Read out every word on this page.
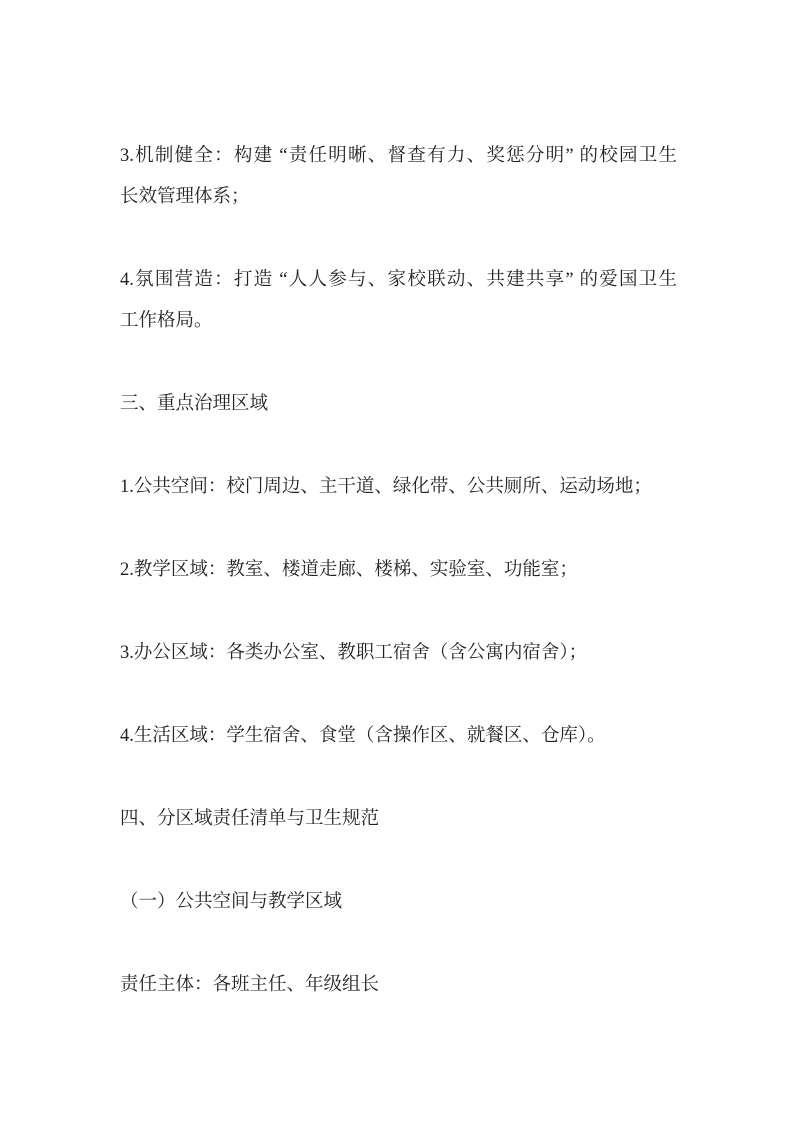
3.机制健全：构建 “责任明晰、督查有力、奖惩分明” 的校园卫生
长效管理体系；
4.氛围营造：打造 “人人参与、家校联动、共建共享” 的爱国卫生
工作格局。
三、重点治理区域
1.公共空间：校门周边、主干道、绿化带、公共厕所、运动场地；
2.教学区域：教室、楼道走廊、楼梯、实验室、功能室；
3.办公区域：各类办公室、教职工宿舍（含公寓内宿舍）；
4.生活区域：学生宿舍、食堂（含操作区、就餐区、仓库）。
四、分区域责任清单与卫生规范
（一）公共空间与教学区域
责任主体：各班主任、年级组长
